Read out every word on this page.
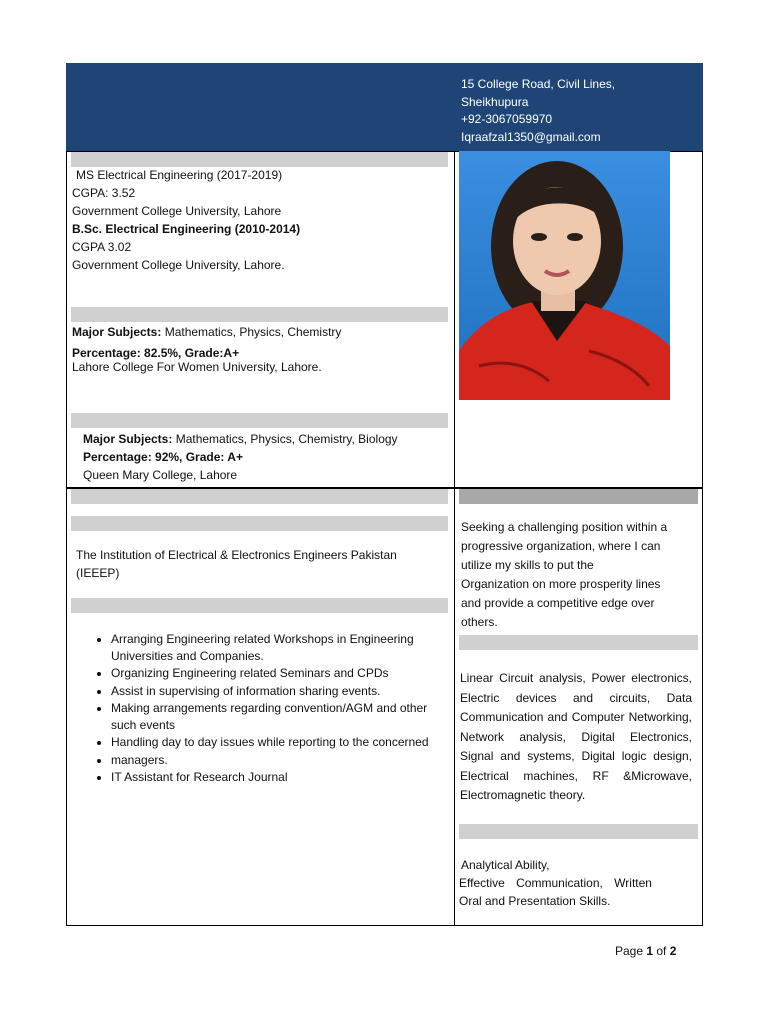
15 College Road, Civil Lines,
Sheikhupura
+92-3067059970
Iqraafzal1350@gmail.com
MS Electrical Engineering (2017-2019)
CGPA: 3.52
Government College University, Lahore
B.Sc. Electrical Engineering (2010-2014)
CGPA 3.02
Government College University, Lahore.
Major Subjects: Mathematics, Physics, Chemistry
Percentage: 82.5%, Grade:A+
Lahore College For Women University, Lahore.
Major Subjects: Mathematics, Physics, Chemistry, Biology
Percentage: 92%, Grade: A+
Queen Mary College, Lahore
The Institution of Electrical & Electronics Engineers Pakistan
(IEEEP)
• Arranging Engineering related Workshops in Engineering Universities and Companies.
• Organizing Engineering related Seminars and CPDs
• Assist in supervising of information sharing events.
• Making arrangements regarding convention/AGM and other such events
• Handling day to day issues while reporting to the concerned
• managers.
• IT Assistant for Research Journal
Seeking a challenging position within a
progressive organization, where I can
utilize my skills to put the
Organization on more prosperity lines
and provide a competitive edge over
others.
Linear Circuit analysis, Power electronics, Electric devices and circuits, Data Communication and Computer Networking, Network analysis, Digital Electronics, Signal and systems, Digital logic design, Electrical machines, RF &Microwave, Electromagnetic theory.
Analytical Ability,
Effective Communication, Written
Oral and Presentation Skills.
Page 1 of 2
